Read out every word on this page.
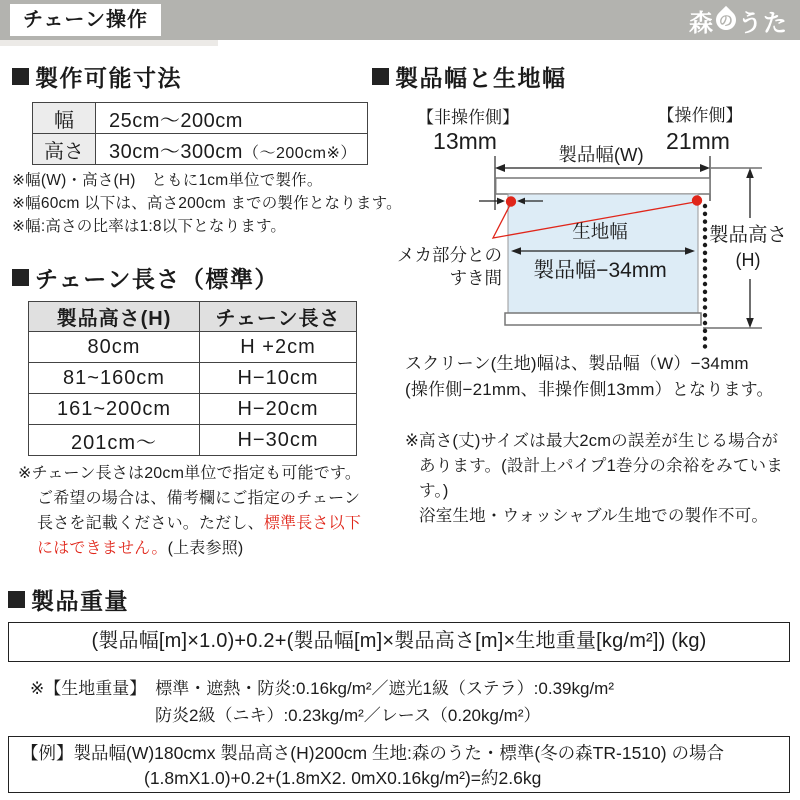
チェーン操作	森 の うた
製作可能寸法
幅	25cm～200cm
高さ	30cm～300cm（～200cm※）
※幅(W)・高さ(H)　ともに1cm単位で製作。
※幅60cm 以下は、高さ200cm までの製作となります。
※幅:高さの比率は1:8以下となります。
チェーン長さ（標準）
製品高さ(H)	チェーン長さ
80cm	H +2cm
81~160cm	H−10cm
161~200cm	H−20cm
201cm～	H−30cm

※チェーン長さは20cm単位で指定も可能です。ご希望の場合は、備考欄にご指定のチェーン長さを記載ください。ただし、標準長さ以下にはできません。(上表参照)

製品幅と生地幅
【非操作側】
13mm
【操作側】
21mm
製品幅(W)
メカ部分との
すき間
生地幅
製品幅−34mm
製品高さ
(H)
スクリーン(生地)幅は、製品幅（W）−34mm
(操作側−21mm、非操作側13mm）となります。
※高さ(丈)サイズは最大2cmの誤差が生じる場合が
あります。(設計上パイプ1巻分の余裕をみています。)
浴室生地・ウォッシャブル生地での製作不可。
製品重量
(製品幅[m]×1.0)+0.2+(製品幅[m]×製品高さ[m]×生地重量[kg/m²]) (kg)
※【生地重量】 標準・遮熱・防炎:0.16kg/m²／遮光1級（ステラ）:0.39kg/m²
防炎2級（ニキ）:0.23kg/m²／レース（0.20kg/m²）
【例】製品幅(W)180cmx 製品高さ(H)200cm 生地:森のうた・標準(冬の森TR-1510) の場合
(1.8mX1.0)+0.2+(1.8mX2. 0mX0.16kg/m²)=約2.6kg
